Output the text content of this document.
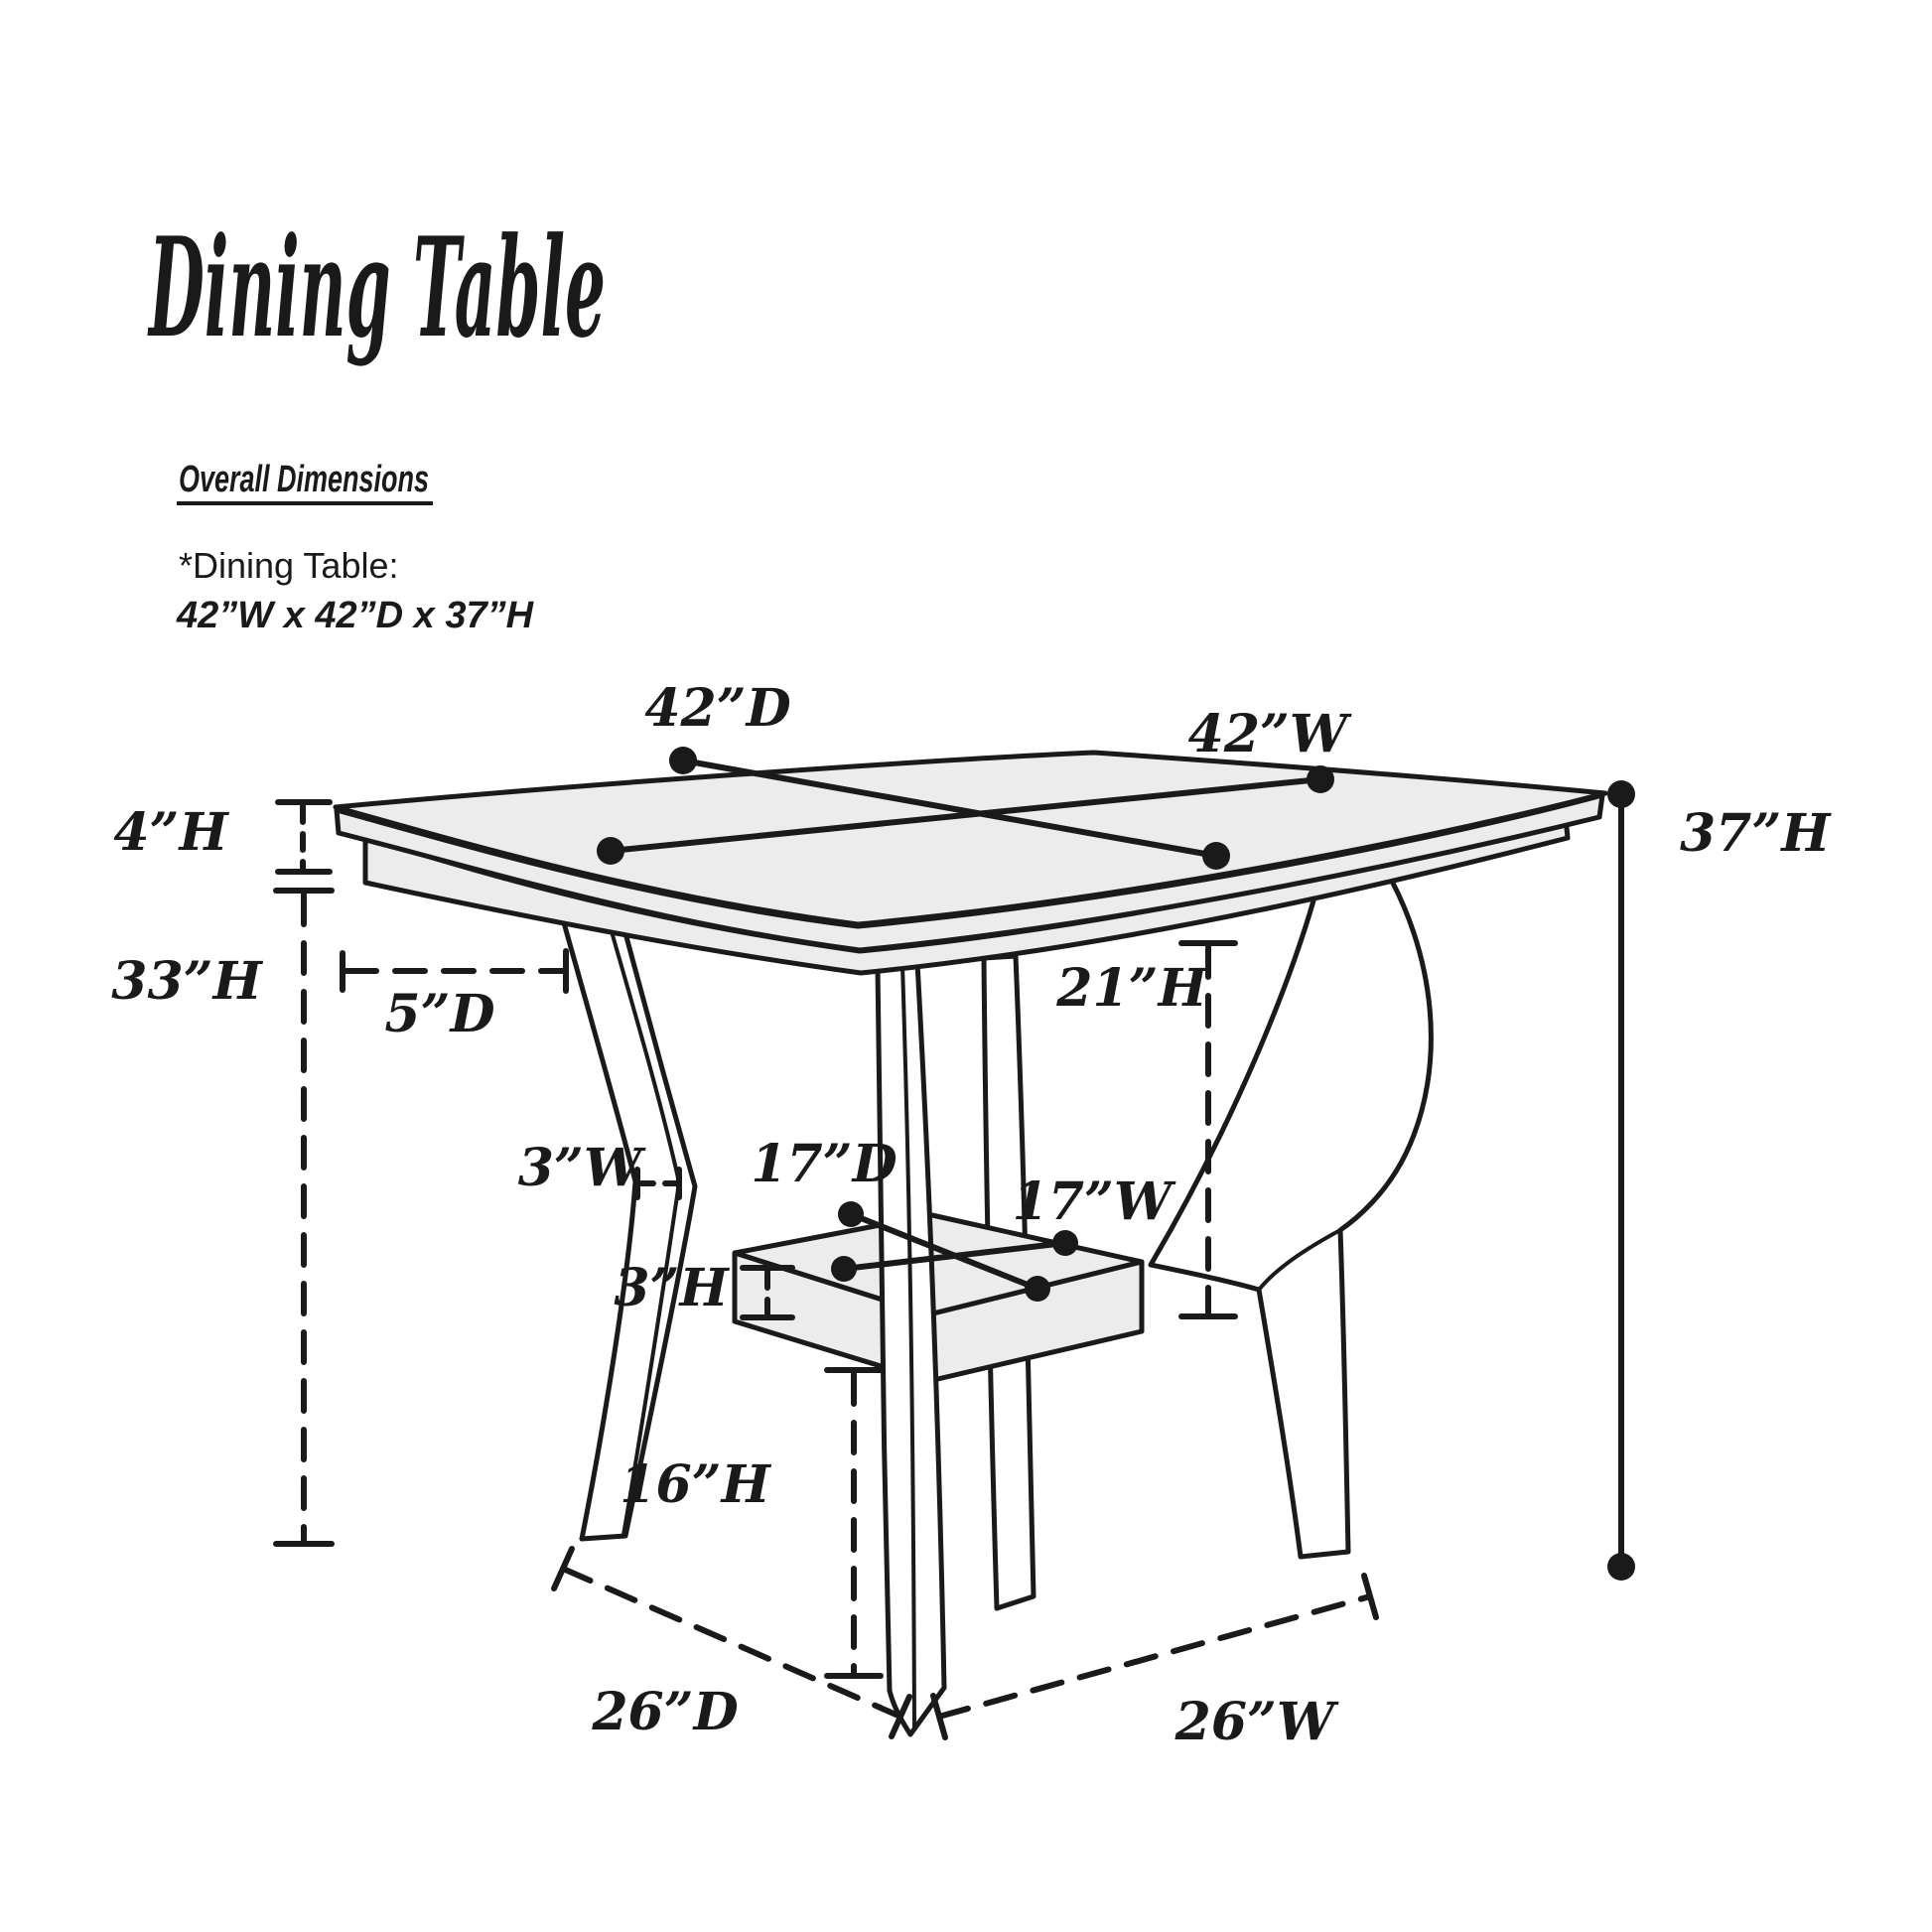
Dining Table
Overall Dimensions
*Dining Table:
42”W x 42”D x 37”H
42”D	42”W
4”H
33”H
5”D
3”W 17”D
17”W
3”H
21”H
16”H
37”H
26”D	26”W
